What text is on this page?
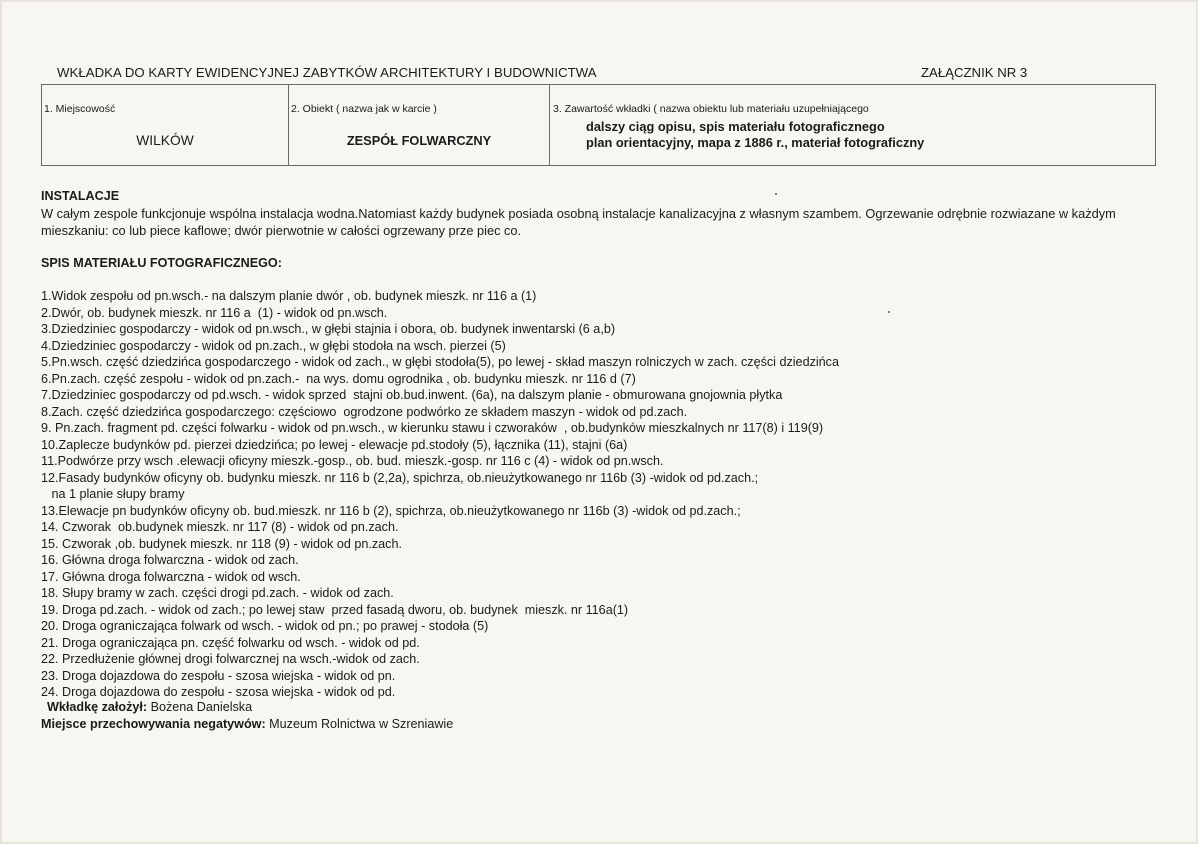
WKŁADKA DO KARTY EWIDENCYJNEJ ZABYTKÓW ARCHITEKTURY I BUDOWNICTWA	ZAŁĄCZNIK NR 3
1. Miejscowość
WILKÓW
2. Obiekt ( nazwa jak w karcie )
ZESPÓŁ FOLWARCZNY
3. Zawartość wkładki ( nazwa obiektu lub materiału uzupełniającego
dalszy ciąg opisu, spis materiału fotograficznego
plan orientacyjny, mapa z 1886 r., materiał fotograficzny
INSTALACJE
W całym zespole funkcjonuje wspólna instalacja wodna.Natomiast każdy budynek posiada osobną instalacje kanalizacyjna z własnym szambem. Ogrzewanie odrębnie rozwiazane w każdym mieszkaniu: co lub piece kaflowe; dwór pierwotnie w całości ogrzewany prze piec co.
SPIS MATERIAŁU FOTOGRAFICZNEGO:
1.Widok zespołu od pn.wsch.- na dalszym planie dwór , ob. budynek mieszk. nr 116 a (1)
2.Dwór, ob. budynek mieszk. nr 116 a  (1) - widok od pn.wsch.
3.Dziedziniec gospodarczy - widok od pn.wsch., w głębi stajnia i obora, ob. budynek inwentarski (6 a,b)
4.Dziedziniec gospodarczy - widok od pn.zach., w głębi stodoła na wsch. pierzei (5)
5.Pn.wsch. część dziedzińca gospodarczego - widok od zach., w głębi stodoła(5), po lewej - skład maszyn rolniczych w zach. części dziedzińca
6.Pn.zach. część zespołu - widok od pn.zach.-  na wys. domu ogrodnika , ob. budynku mieszk. nr 116 d (7)
7.Dziedziniec gospodarczy od pd.wsch. - widok sprzed  stajni ob.bud.inwent. (6a), na dalszym planie - obmurowana gnojownia płytka
8.Zach. część dziedzińca gospodarczego: częściowo  ogrodzone podwórko ze składem maszyn - widok od pd.zach.
9. Pn.zach. fragment pd. części folwarku - widok od pn.wsch., w kierunku stawu i czworaków  , ob.budynków mieszkalnych nr 117(8) i 119(9)
10.Zaplecze budynków pd. pierzei dziedzińca; po lewej - elewacje pd.stodoły (5), łącznika (11), stajni (6a)
11.Podwórze przy wsch .elewacji oficyny mieszk.-gosp., ob. bud. mieszk.-gosp. nr 116 c (4) - widok od pn.wsch.
12.Fasady budynków oficyny ob. budynku mieszk. nr 116 b (2,2a), spichrza, ob.nieużytkowanego nr 116b (3) -widok od pd.zach.;
na 1 planie słupy bramy
13.Elewacje pn budynków oficyny ob. bud.mieszk. nr 116 b (2), spichrza, ob.nieużytkowanego nr 116b (3) -widok od pd.zach.;
14. Czworak  ob.budynek mieszk. nr 117 (8) - widok od pn.zach.
15. Czworak ,ob. budynek mieszk. nr 118 (9) - widok od pn.zach.
16. Główna droga folwarczna - widok od zach.
17. Główna droga folwarczna - widok od wsch.
18. Słupy bramy w zach. części drogi pd.zach. - widok od zach.
19. Droga pd.zach. - widok od zach.; po lewej staw  przed fasadą dworu, ob. budynek  mieszk. nr 116a(1)
20. Droga ograniczająca folwark od wsch. - widok od pn.; po prawej - stodoła (5)
21. Droga ograniczająca pn. część folwarku od wsch. - widok od pd.
22. Przedłużenie głównej drogi folwarcznej na wsch.-widok od zach.
23. Droga dojazdowa do zespołu - szosa wiejska - widok od pn.
24. Droga dojazdowa do zespołu - szosa wiejska - widok od pd.
Wkładkę założył: Bożena Danielska
Miejsce przechowywania negatywów: Muzeum Rolnictwa w Szreniawie
